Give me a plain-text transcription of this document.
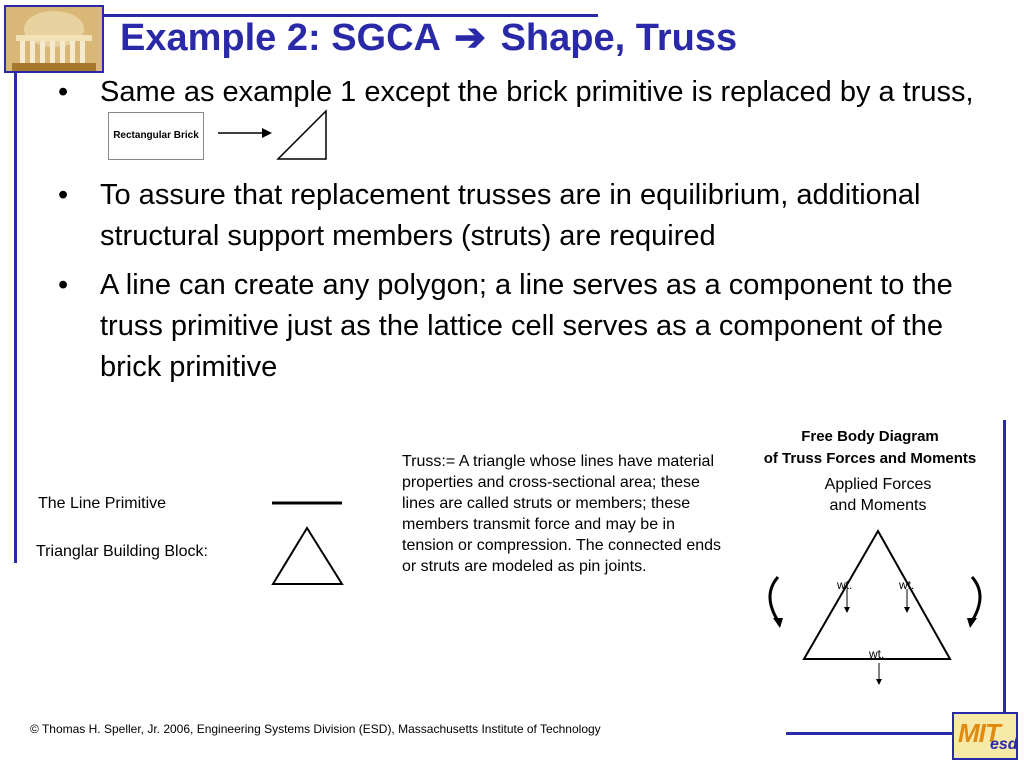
Example 2: SGCA ➔ Shape, Truss
• Same as example 1 except the brick primitive is replaced by a truss, Rectangular Brick
• To assure that replacement trusses are in equilibrium, additional structural support members (struts) are required
• A line can create any polygon; a line serves as a component to the truss primitive just as the lattice cell serves as a component of the brick primitive
The Line Primitive
Trianglar Building Block:
Truss:= A triangle whose lines have material properties and cross-sectional area; these lines are called struts or members; these members transmit force and may be in tension or compression. The connected ends or struts are modeled as pin joints.
Free Body Diagram
of Truss Forces and Moments
Applied Forces
and Moments
wt.	wt.
wt.
© Thomas H. Speller, Jr. 2006, Engineering Systems Division (ESD), Massachusetts Institute of Technology	MIT
esd
